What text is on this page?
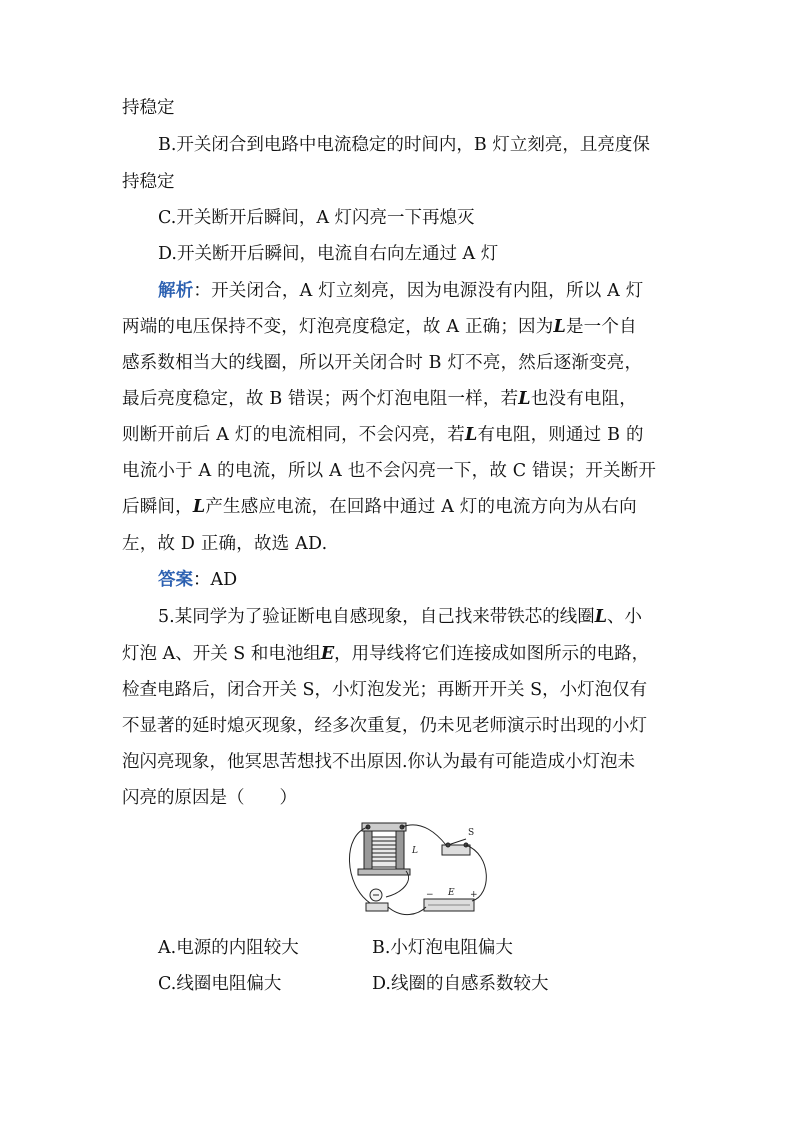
持稳定
B.开关闭合到电路中电流稳定的时间内，B 灯立刻亮，且亮度保
持稳定
C.开关断开后瞬间，A 灯闪亮一下再熄灭
D.开关断开后瞬间，电流自右向左通过 A 灯
解析：开关闭合，A 灯立刻亮，因为电源没有内阻，所以 A 灯
两端的电压保持不变，灯泡亮度稳定，故 A 正确；因为L是一个自
感系数相当大的线圈，所以开关闭合时 B 灯不亮，然后逐渐变亮，
最后亮度稳定，故 B 错误；两个灯泡电阻一样，若L也没有电阻，
则断开前后 A 灯的电流相同，不会闪亮，若L有电阻，则通过 B 的
电流小于 A 的电流，所以 A 也不会闪亮一下，故 C 错误；开关断开
后瞬间，L产生感应电流，在回路中通过 A 灯的电流方向为从右向
左，故 D 正确，故选 AD.
答案：AD
5.某同学为了验证断电自感现象，自己找来带铁芯的线圈L、小
灯泡 A、开关 S 和电池组E，用导线将它们连接成如图所示的电路，
检查电路后，闭合开关 S，小灯泡发光；再断开开关 S，小灯泡仅有
不显著的延时熄灭现象，经多次重复，仍未见老师演示时出现的小灯
泡闪亮现象，他冥思苦想找不出原因.你认为最有可能造成小灯泡未
闪亮的原因是（　　）
L
S
E
−	+
A.电源的内阻较大	B.小灯泡电阻偏大
C.线圈电阻偏大	D.线圈的自感系数较大
